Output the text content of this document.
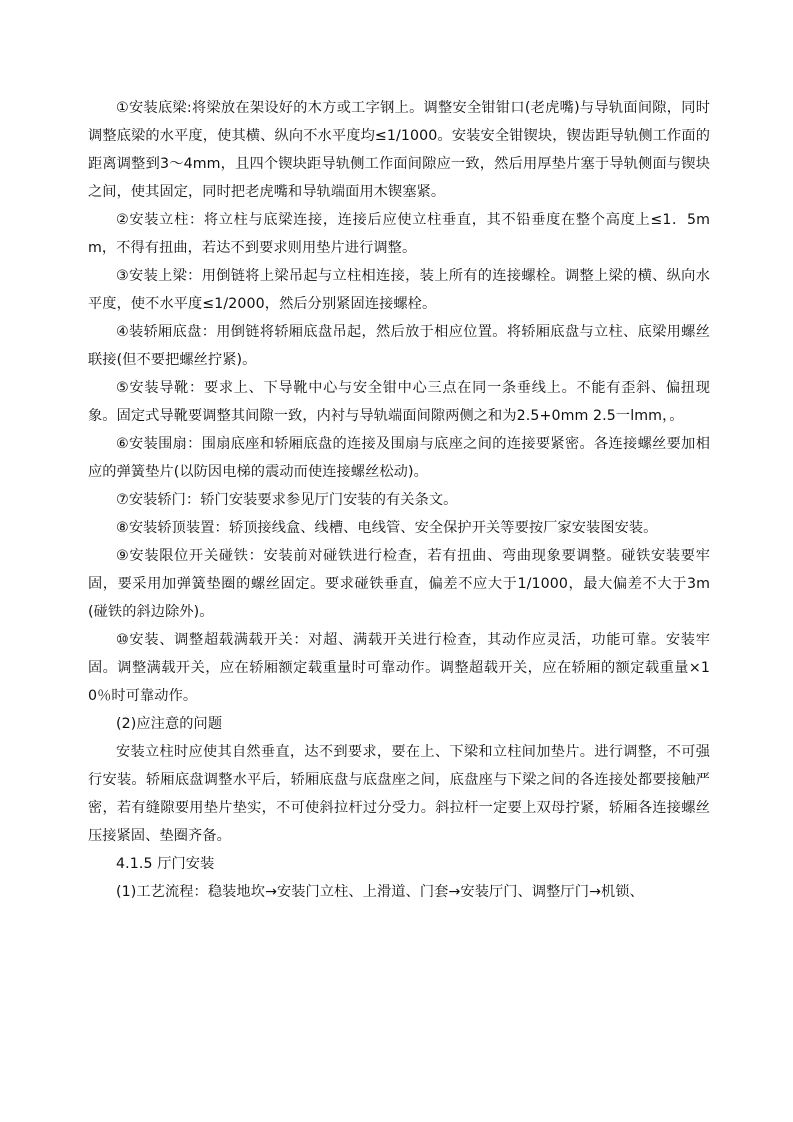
①安装底梁:将梁放在架设好的木方或工字钢上。调整安全钳钳口(老虎嘴)与导轨面间隙，同时调整底梁的水平度，使其横、纵向不水平度均≤1/1000。安装安全钳锲块，锲齿距导轨侧工作面的距离调整到3～4mm，且四个锲块距导轨侧工作面间隙应一致，然后用厚垫片塞于导轨侧面与锲块之间，使其固定，同时把老虎嘴和导轨端面用木锲塞紧。

②安装立柱：将立柱与底梁连接，连接后应使立柱垂直，其不铅垂度在整个高度上≤1．5mm，不得有扭曲，若达不到要求则用垫片进行调整。

③安装上梁：用倒链将上梁吊起与立柱相连接，装上所有的连接螺栓。调整上梁的横、纵向水平度，使不水平度≤1/2000，然后分别紧固连接螺栓。

④装轿厢底盘：用倒链将轿厢底盘吊起，然后放于相应位置。将轿厢底盘与立柱、底梁用螺丝联接(但不要把螺丝拧紧)。

⑤安装导靴：要求上、下导靴中心与安全钳中心三点在同一条垂线上。不能有歪斜、偏扭现象。固定式导靴要调整其间隙一致，内衬与导轨端面间隙两侧之和为2.5+0mm 2.5一lmm，。

⑥安装围扇：围扇底座和轿厢底盘的连接及围扇与底座之间的连接要紧密。各连接螺丝要加相应的弹簧垫片(以防因电梯的震动而使连接螺丝松动)。

⑦安装轿门：轿门安装要求参见厅门安装的有关条文。

⑧安装轿顶装置：轿顶接线盒、线槽、电线管、安全保护开关等要按厂家安装图安装。

⑨安装限位开关碰铁：安装前对碰铁进行检查，若有扭曲、弯曲现象要调整。碰铁安装要牢固，要采用加弹簧垫圈的螺丝固定。要求碰铁垂直，偏差不应大于1/1000，最大偏差不大于3m(碰铁的斜边除外)。

⑩安装、调整超载满载开关：对超、满载开关进行检查，其动作应灵活，功能可靠。安装牢固。调整满载开关，应在轿厢额定载重量时可靠动作。调整超载开关，应在轿厢的额定载重量×10％时可靠动作。

(2)应注意的问题

安装立柱时应使其自然垂直，达不到要求，要在上、下梁和立柱间加垫片。进行调整，不可强行安装。轿厢底盘调整水平后，轿厢底盘与底盘座之间，底盘座与下梁之间的各连接处都要接触严密，若有缝隙要用垫片垫实，不可使斜拉杆过分受力。斜拉杆一定要上双母拧紧，轿厢各连接螺丝压接紧固、垫圈齐备。

4.1.5 厅门安装

(1)工艺流程：稳装地坎→安装门立柱、上滑道、门套→安装厅门、调整厅门→机锁、
